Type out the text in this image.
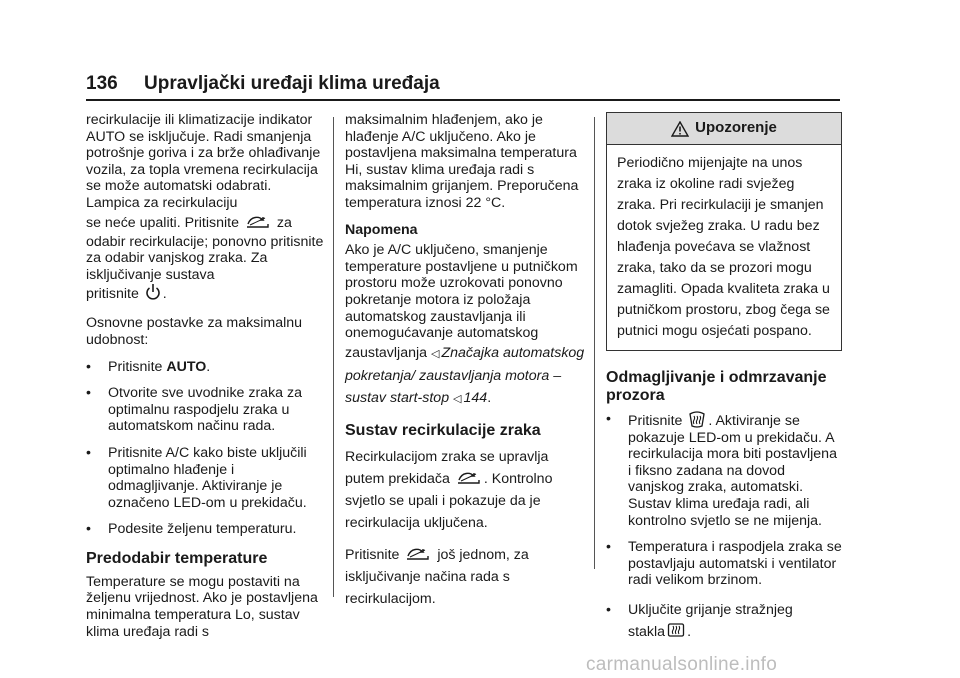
136 Upravljački uređaji klima uređaja

recirkulacije ili klimatizacije indikator AUTO se isključuje. Radi smanjenja potrošnje goriva i za brže ohlađivanje vozila, za topla vremena recirkulacija se može automatski odabrati. Lampica za recirkulaciju
se neće upaliti. Pritisnite	za
odabir recirkulacije; ponovno pritisnite za odabir vanjskog zraka. Za isključivanje sustava
pritisnite .

Osnovne postavke za maksimalnu udobnost:

• Pritisnite AUTO.
• Otvorite sve uvodnike zraka za optimalnu raspodjelu zraka u automatskom načinu rada.
• Pritisnite A/C kako biste uključili optimalno hlađenje i odmagljivanje. Aktiviranje je označeno LED-om u prekidaču.
• Podesite željenu temperaturu.
Predodabir temperature

Temperature se mogu postaviti na željenu vrijednost. Ako je postavljena minimalna temperatura Lo, sustav klima uređaja radi s

maksimalnim hlađenjem, ako je hlađenje A/C uključeno. Ako je postavljena maksimalna temperatura Hi, sustav klima uređaja radi s maksimalnim grijanjem. Preporučena temperatura iznosi 22 °C.

Napomena

Ako je A/C uključeno, smanjenje temperature postavljene u putničkom prostoru može uzrokovati ponovno pokretanje motora iz položaja automatskog zaustavljanja ili onemogućavanje automatskog
zaustavljanja ◁ Značajka automatskog pokretanja/ zaustavljanja motora – sustav start-stop ◁ 144.

Sustav recirkulacije zraka

Recirkulacijom zraka se upravlja
putem prekidača . Kontrolno
svjetlo se upali i pokazuje da je recirkulacija uključena.

Pritisnite	još jednom, za
isključivanje načina rada s recirkulacijom.

Upozorenje
Periodično mijenjajte na unos zraka iz okoline radi svježeg zraka. Pri recirkulaciji je smanjen dotok svježeg zraka. U radu bez hlađenja povećava se vlažnost zraka, tako da se prozori mogu zamagliti. Opada kvaliteta zraka u putničkom prostoru, zbog čega se putnici mogu osjećati pospano.
Odmagljivanje i odmrzavanje prozora
• Pritisnite . Aktiviranje se pokazuje LED-om u prekidaču. A recirkulacija mora biti postavljena i fiksno zadana na dovod vanjskog zraka, automatski. Sustav klima uređaja radi, ali kontrolno svjetlo se ne mijenja.
• Temperatura i raspodjela zraka se postavljaju automatski i ventilator radi velikom brzinom.
• Uključite grijanje stražnjeg
stakla .
carmanualsonline.info
